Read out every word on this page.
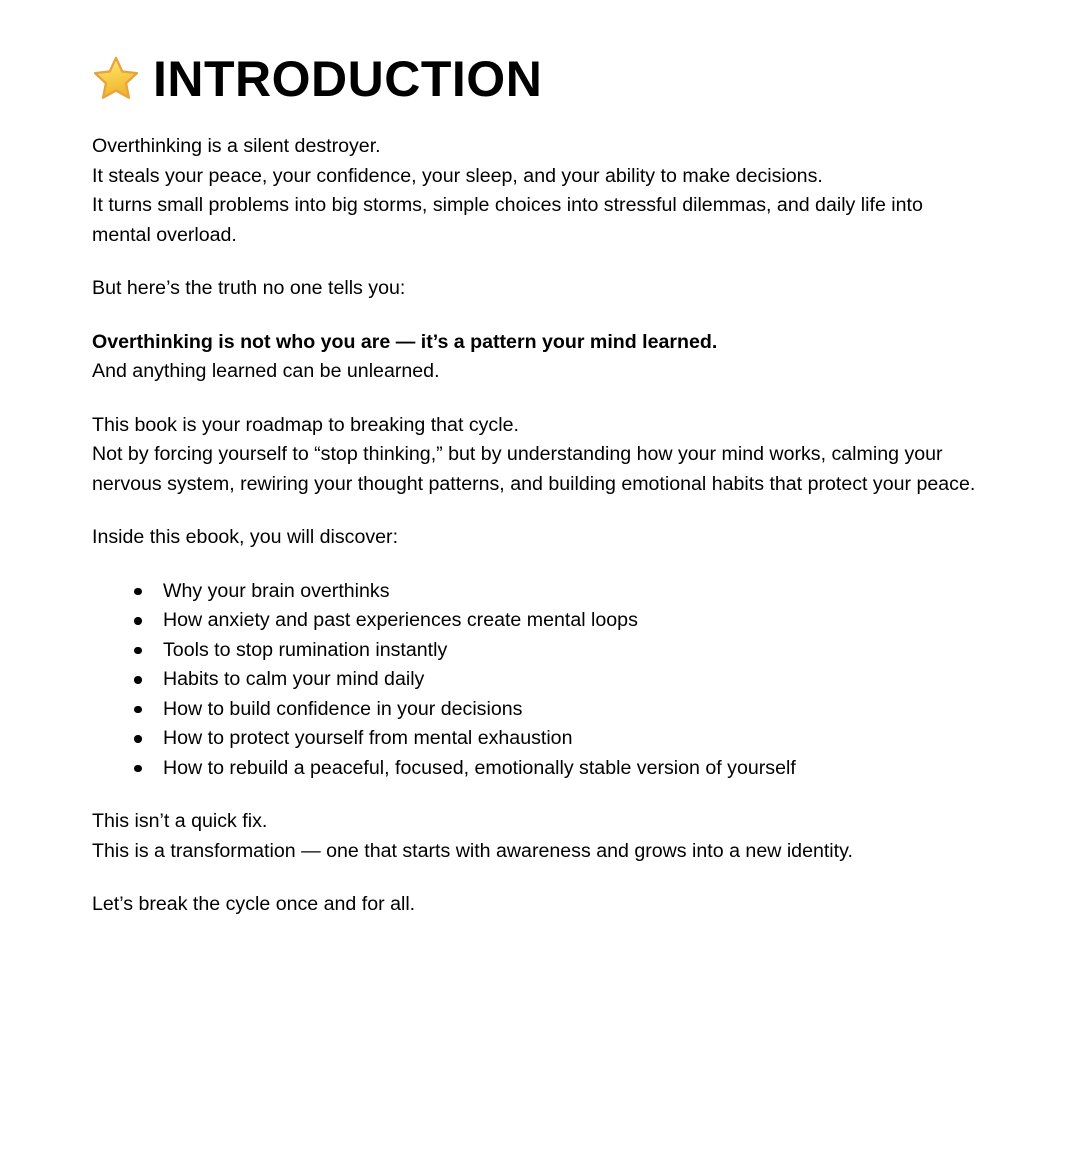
INTRODUCTION

Overthinking is a silent destroyer.
It steals your peace, your confidence, your sleep, and your ability to make decisions.
It turns small problems into big storms, simple choices into stressful dilemmas, and daily life into mental overload.

But here’s the truth no one tells you:

Overthinking is not who you are — it’s a pattern your mind learned.
And anything learned can be unlearned.

This book is your roadmap to breaking that cycle.
Not by forcing yourself to “stop thinking,” but by understanding how your mind works, calming your nervous system, rewiring your thought patterns, and building emotional habits that protect your peace.

Inside this ebook, you will discover:

Why your brain overthinks
How anxiety and past experiences create mental loops
Tools to stop rumination instantly
Habits to calm your mind daily
How to build confidence in your decisions
How to protect yourself from mental exhaustion
How to rebuild a peaceful, focused, emotionally stable version of yourself

This isn’t a quick fix.
This is a transformation — one that starts with awareness and grows into a new identity.

Let’s break the cycle once and for all.
